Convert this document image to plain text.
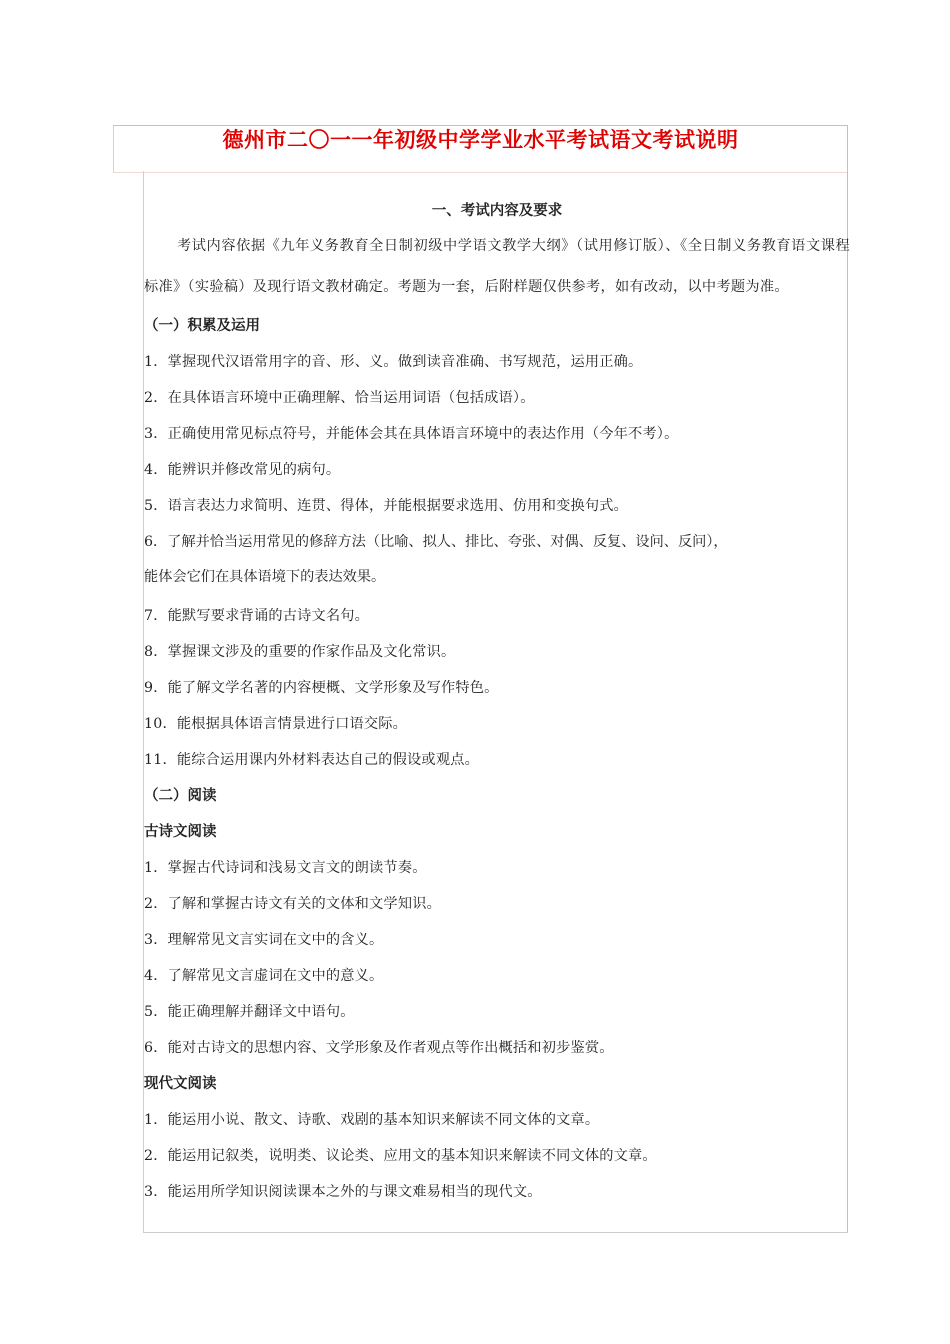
德州市二〇一一年初级中学学业水平考试语文考试说明
一、考试内容及要求

考试内容依据《九年义务教育全日制初级中学语文教学大纲》（试用修订版）、《全日制义务教育语文课程标准》（实验稿）及现行语文教材确定。考题为一套，后附样题仅供参考，如有改动，以中考题为准。

（一）积累及运用
1．掌握现代汉语常用字的音、形、义。做到读音准确、书写规范，运用正确。
2．在具体语言环境中正确理解、恰当运用词语（包括成语）。
3．正确使用常见标点符号，并能体会其在具体语言环境中的表达作用（今年不考）。
4．能辨识并修改常见的病句。
5．语言表达力求简明、连贯、得体，并能根据要求选用、仿用和变换句式。
6．了解并恰当运用常见的修辞方法（比喻、拟人、排比、夸张、对偶、反复、设问、反问），
能体会它们在具体语境下的表达效果。
7．能默写要求背诵的古诗文名句。
8．掌握课文涉及的重要的作家作品及文化常识。
9．能了解文学名著的内容梗概、文学形象及写作特色。
10．能根据具体语言情景进行口语交际。
11．能综合运用课内外材料表达自己的假设或观点。
（二）阅读
古诗文阅读
1．掌握古代诗词和浅易文言文的朗读节奏。
2．了解和掌握古诗文有关的文体和文学知识。
3．理解常见文言实词在文中的含义。
4．了解常见文言虚词在文中的意义。
5．能正确理解并翻译文中语句。
6．能对古诗文的思想内容、文学形象及作者观点等作出概括和初步鉴赏。
现代文阅读
1．能运用小说、散文、诗歌、戏剧的基本知识来解读不同文体的文章。
2．能运用记叙类，说明类、议论类、应用文的基本知识来解读不同文体的文章。
3．能运用所学知识阅读课本之外的与课文难易相当的现代文。
